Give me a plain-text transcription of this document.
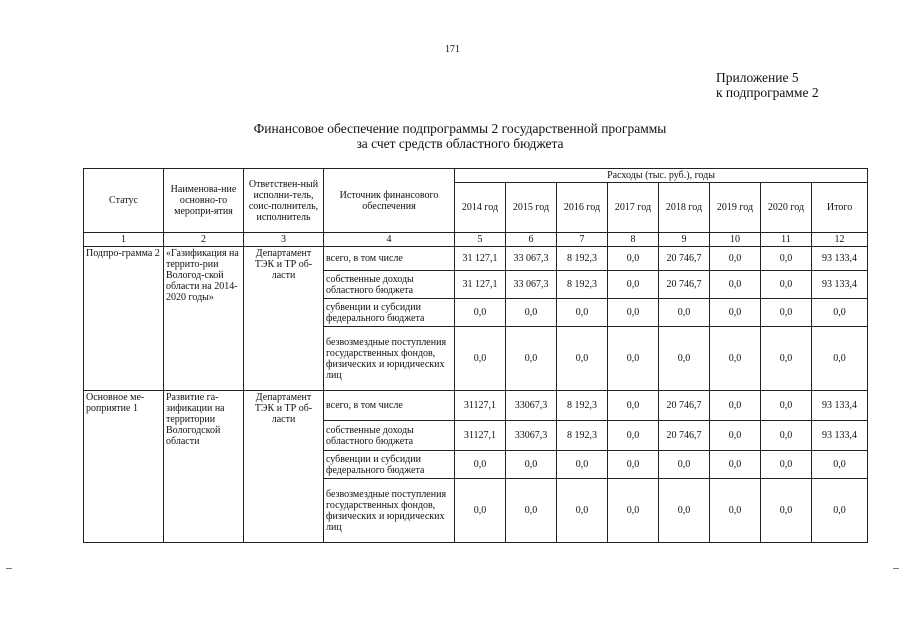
171
Приложение 5
к подпрограмме 2
Финансовое обеспечение подпрограммы 2 государственной программы
за счет средств областного бюджета
Статус	Наименова-ние основно-го меропри-ятия	Ответствен-ный исполни-тель, соис-полнитель, исполнитель	Источник финансового обеспечения	Расходы (тыс. руб.), годы							
				2014 год	2015 год	2016 год	2017 год	2018 год	2019 год	2020 год	Итого
1	2	3	4	5	6	7	8	9	10	11	12
Подпро-грамма 2	«Газификация на террито-рии Вологод-ской области на 2014-2020 годы»	Департамент ТЭК и ТР об-ласти	всего, в том числе	31 127,1	33 067,3	8 192,3	0,0	20 746,7	0,0	0,0	93 133,4
			собственные доходы областного бюджета	31 127,1	33 067,3	8 192,3	0,0	20 746,7	0,0	0,0	93 133,4
			субвенции и субсидии федерального бюджета	0,0	0,0	0,0	0,0	0,0	0,0	0,0	0,0
			безвозмездные поступления государственных фондов, физических и юридических лиц	0,0	0,0	0,0	0,0	0,0	0,0	0,0	0,0
Основное ме-роприятие 1	Развитие га-зификации на территории Вологодской области	Департамент ТЭК и ТР об-ласти	всего, в том числе	31127,1	33067,3	8 192,3	0,0	20 746,7	0,0	0,0	93 133,4
			собственные доходы областного бюджета	31127,1	33067,3	8 192,3	0,0	20 746,7	0,0	0,0	93 133,4
			субвенции и субсидии федерального бюджета	0,0	0,0	0,0	0,0	0,0	0,0	0,0	0,0
			безвозмездные поступления государственных фондов, физических и юридических лиц	0,0	0,0	0,0	0,0	0,0	0,0	0,0	0,0
